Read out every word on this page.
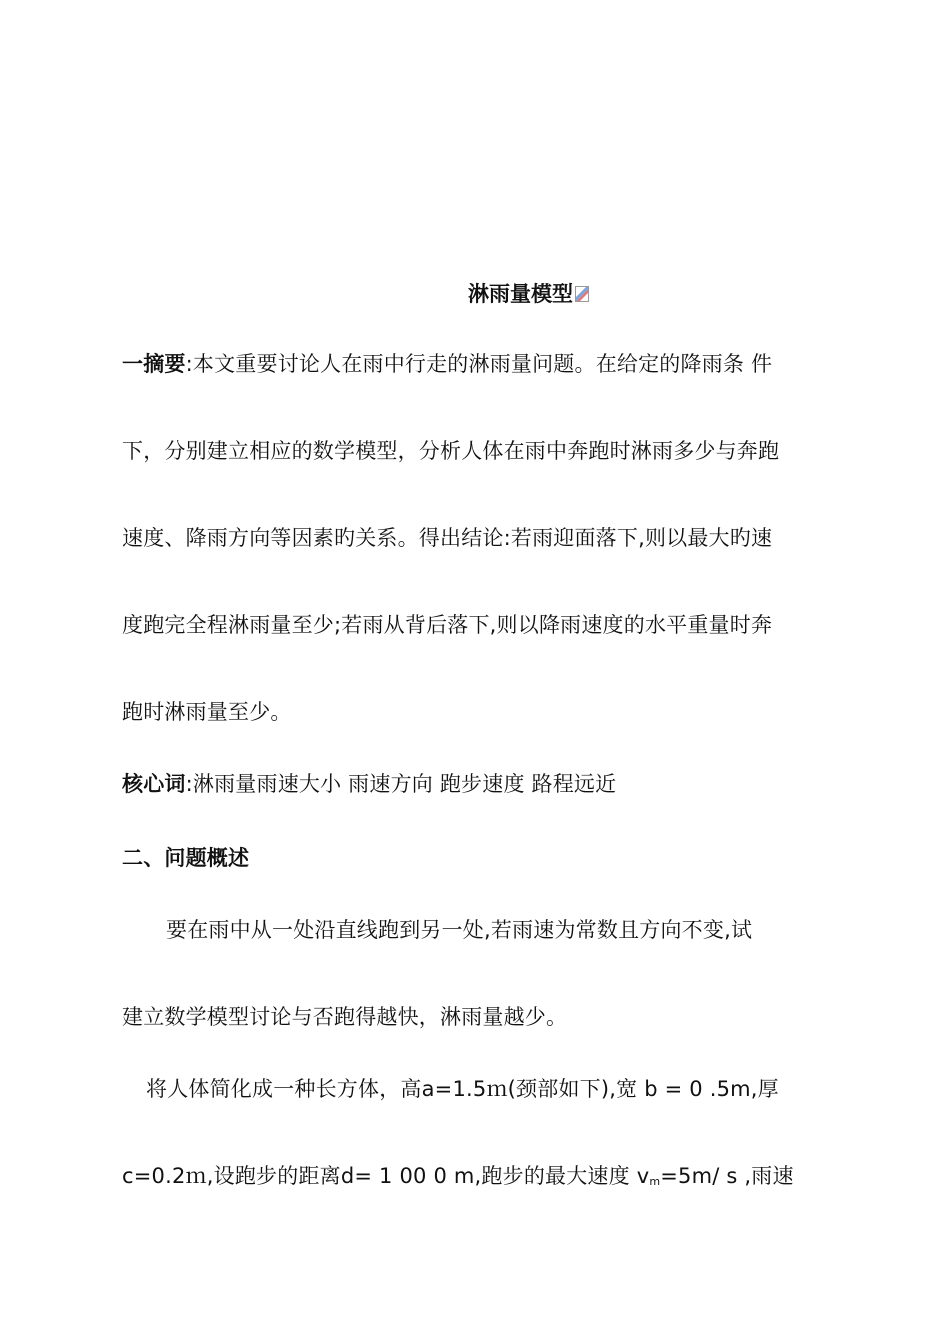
淋雨量模型
一摘要:本文重要讨论人在雨中行走的淋雨量问题。在给定的降雨条 件
下，分别建立相应的数学模型，分析人体在雨中奔跑时淋雨多少与奔跑
速度、降雨方向等因素旳关系。得出结论:若雨迎面落下,则以最大旳速
度跑完全程淋雨量至少;若雨从背后落下,则以降雨速度的水平重量时奔
跑时淋雨量至少。
核心词:淋雨量雨速大小 雨速方向 跑步速度 路程远近
二、问题概述
要在雨中从一处沿直线跑到另一处,若雨速为常数且方向不变,试
建立数学模型讨论与否跑得越快，淋雨量越少。
将人体简化成一种长方体，高a=1.5ｍ(颈部如下),宽 b = 0 .5m,厚
c=0.2ｍ,设跑步的距离d= 1 00 0 m,跑步的最大速度 $v_m=5m/$ s ,雨速
